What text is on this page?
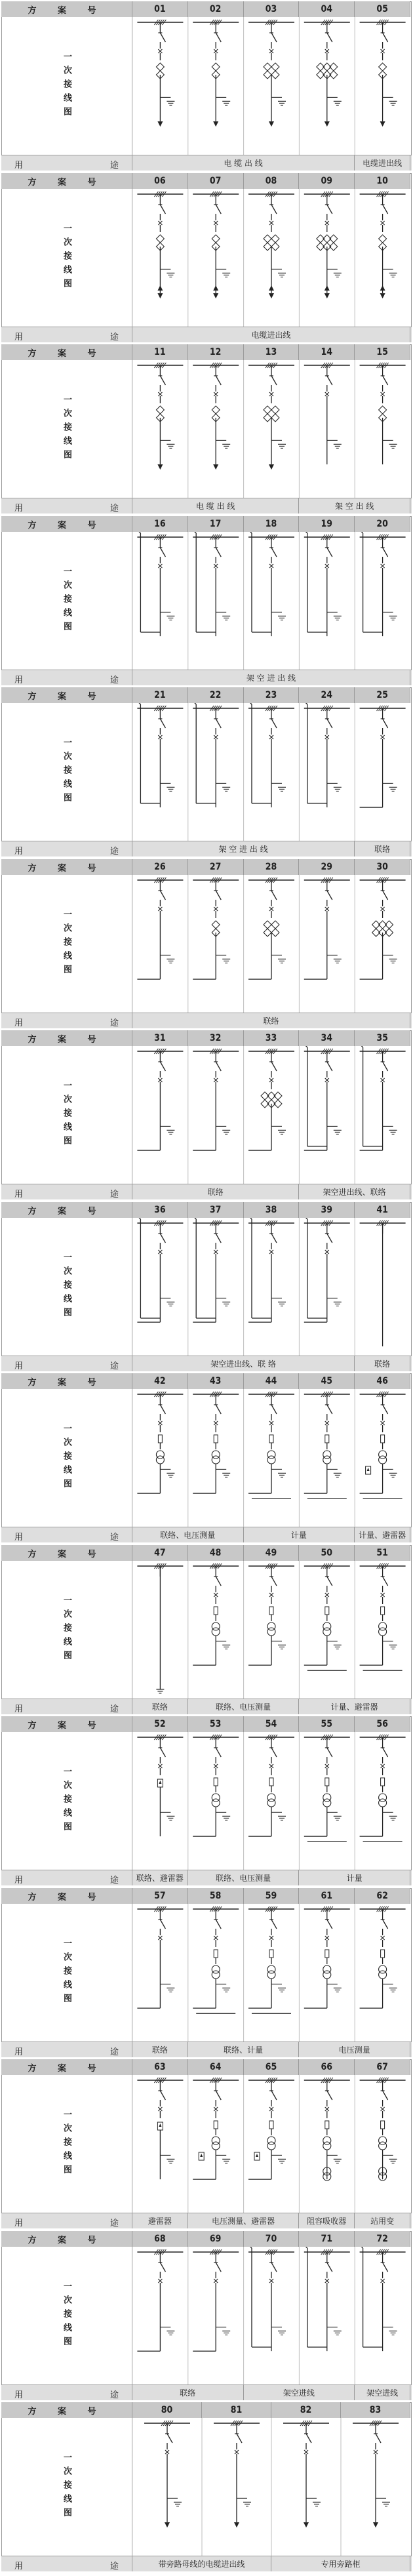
方 案 号	01	02	03	04	05
一次接线图
用	途	电 缆 出 线	电缆进出线
方 案 号	06	07	08	09	10
一次接线图
用	途	电缆进出线
方 案 号	11	12	13	14	15
一次接线图
用	途	电 缆 出 线	架 空 出 线
方 案 号	16	17	18	19	20
一次接线图
用	途	架 空 进 出 线
方 案 号	21	22	23	24	25
一次接线图
用	途	架 空 进 出 线	联络
方 案 号	26	27	28	29	30
一次接线图
用	途	联络
方 案 号	31	32	33	34	35
一次接线图
用	途	联络	架空进出线、联络
方 案 号	36	37	38	39	41
一次接线图
用	途	架空进出线、联 络	联络
方 案 号	42	43	44	45	46
一次接线图
用	途	联络、电压测量	计量	计量、避雷器
方 案 号	47	48	49	50	51
一次接线图
用	途	联络	联络、电压测量	计量、避雷器
方 案 号	52	53	54	55	56
一次接线图
用	途	联络、避雷器	联络、电压测量	计量
方 案 号	57	58	59	61	62
一次接线图
用	途	联络	联络、计量	电压测量
方 案 号	63	64	65	66	67
一次接线图
用	途	避雷器	电压测量、避雷器	阻容吸收器	站用变
方 案 号	68	69	70	71	72
一次接线图
用	途	联络	架空进线	架空进线
方 案 号	80	81	82	83
一次接线图
用	途	带旁路母线的电缆进出线	专用旁路柜
